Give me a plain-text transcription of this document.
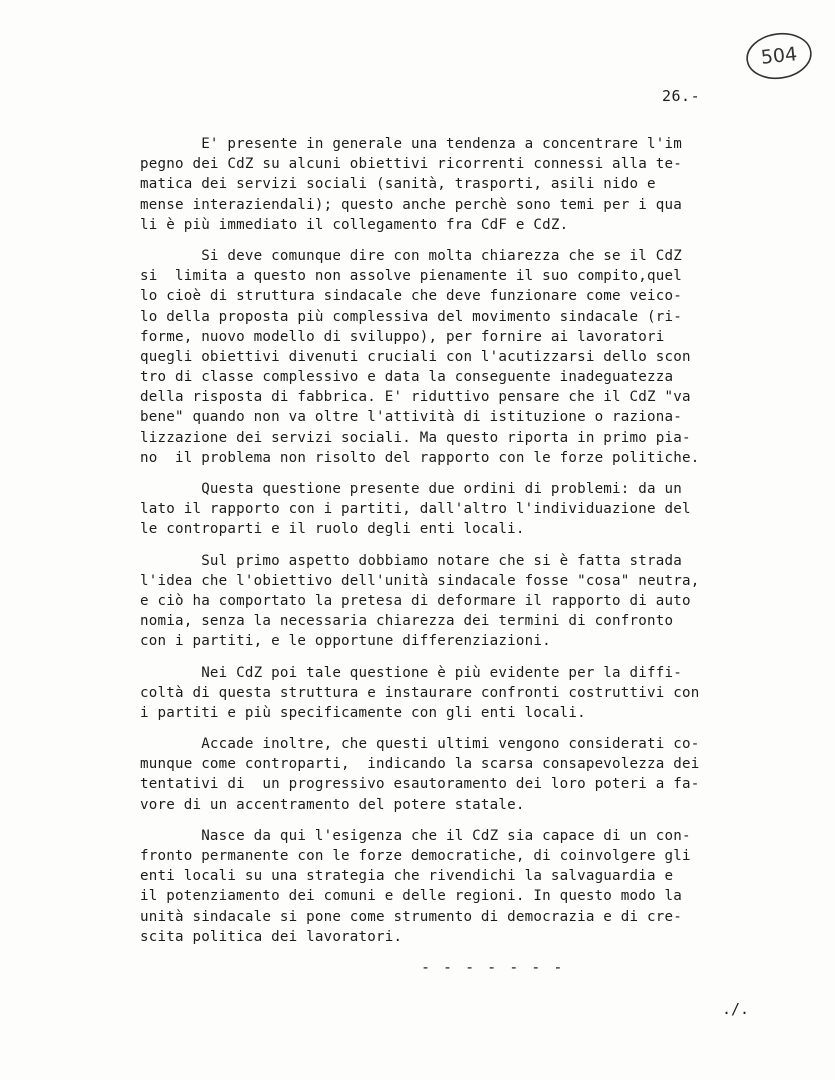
504
26.-
E' presente in generale una tendenza a concentrare l'im
pegno dei CdZ su alcuni obiettivi ricorrenti connessi alla te-
matica dei servizi sociali (sanità, trasporti, asili nido e
mense interaziendali); questo anche perchè sono temi per i qua
li è più immediato il collegamento fra CdF e CdZ.
Si deve comunque dire con molta chiarezza che se il CdZ
si  limita a questo non assolve pienamente il suo compito,quel
lo cioè di struttura sindacale che deve funzionare come veico-
lo della proposta più complessiva del movimento sindacale (ri-
forme, nuovo modello di sviluppo), per fornire ai lavoratori
quegli obiettivi divenuti cruciali con l'acutizzarsi dello scon
tro di classe complessivo e data la conseguente inadeguatezza
della risposta di fabbrica. E' riduttivo pensare che il CdZ "va
bene" quando non va oltre l'attività di istituzione o raziona-
lizzazione dei servizi sociali. Ma questo riporta in primo pia-
no  il problema non risolto del rapporto con le forze politiche.
Questa questione presente due ordini di problemi: da un
lato il rapporto con i partiti, dall'altro l'individuazione del
le controparti e il ruolo degli enti locali.
Sul primo aspetto dobbiamo notare che si è fatta strada
l'idea che l'obiettivo dell'unità sindacale fosse "cosa" neutra,
e ciò ha comportato la pretesa di deformare il rapporto di auto
nomia, senza la necessaria chiarezza dei termini di confronto
con i partiti, e le opportune differenziazioni.
Nei CdZ poi tale questione è più evidente per la diffi-
coltà di questa struttura e instaurare confronti costruttivi con
i partiti e più specificamente con gli enti locali.
Accade inoltre, che questi ultimi vengono considerati co-
munque come controparti,  indicando la scarsa consapevolezza dei
tentativi di  un progressivo esautoramento dei loro poteri a fa-
vore di un accentramento del potere statale.
Nasce da qui l'esigenza che il CdZ sia capace di un con-
fronto permanente con le forze democratiche, di coinvolgere gli
enti locali su una strategia che rivendichi la salvaguardia e
il potenziamento dei comuni e delle regioni. In questo modo la
unità sindacale si pone come strumento di democrazia e di cre-
scita politica dei lavoratori.
- - - - - - -
./.
